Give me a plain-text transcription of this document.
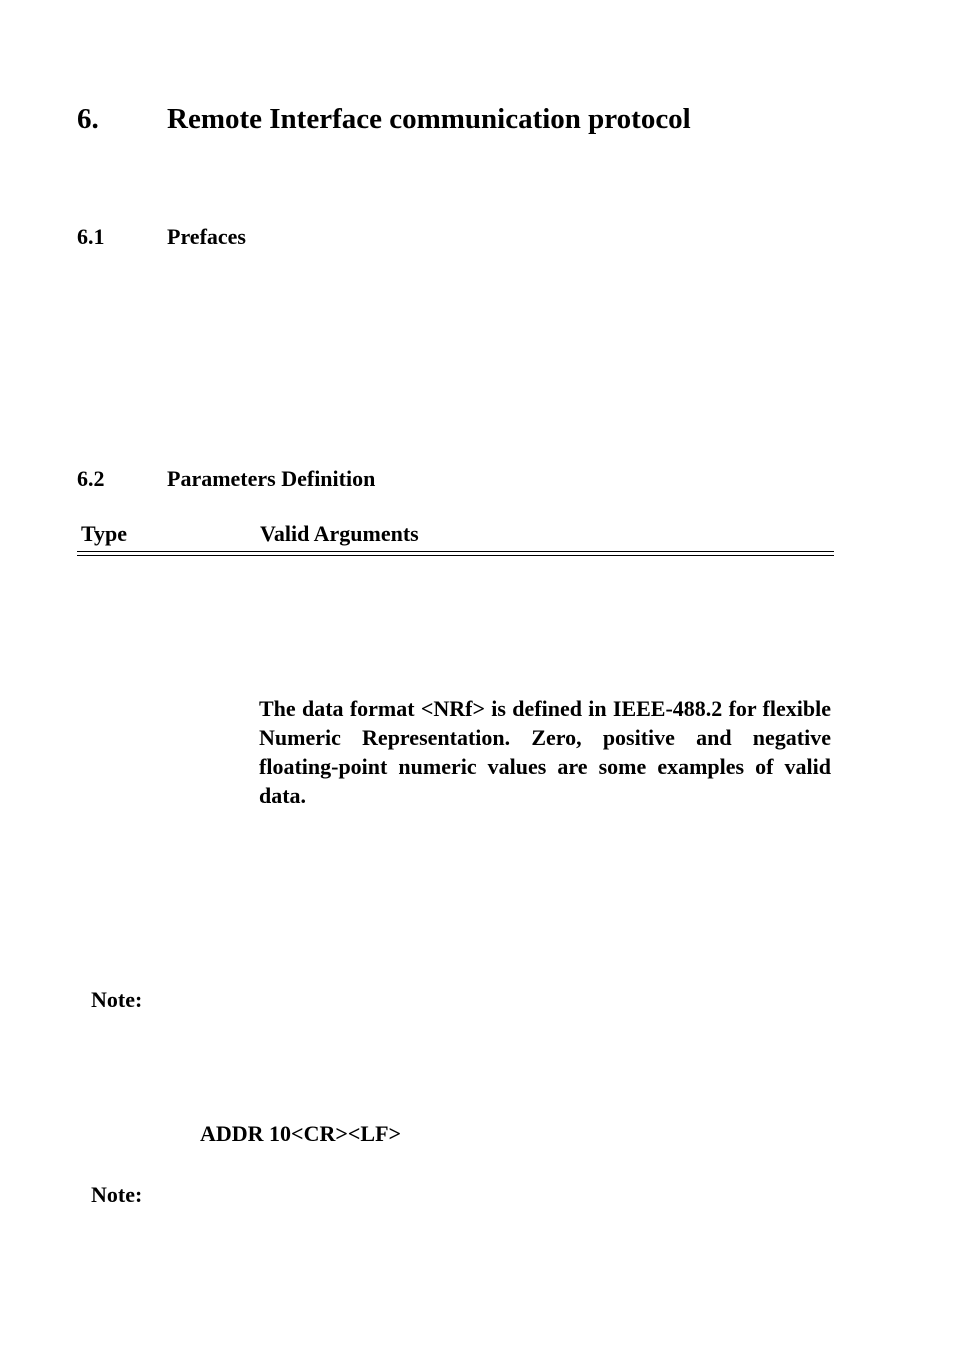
6. Remote Interface communication protocol
6.1	Prefaces
6.2	Parameters Definition
Type	Valid Arguments
The data format <NRf> is defined in IEEE-488.2 for flexible Numeric Representation. Zero, positive and negative floating-point numeric values are some examples of valid data.
Note:
ADDR 10<CR><LF>
Note:
